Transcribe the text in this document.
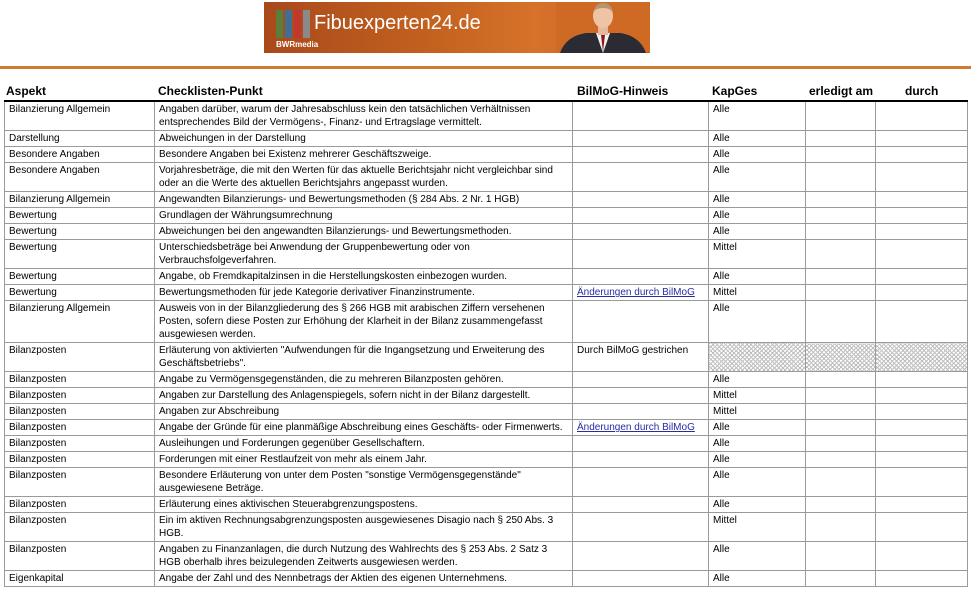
Fibuexperten24.de
BWRmedia
Aspekt	Checklisten-Punkt	BilMoG-Hinweis	KapGes	erledigt am	durch
Bilanzierung Allgemein	Angaben darüber, warum der Jahresabschluss kein den tatsächlichen Verhältnissen entsprechendes Bild der Vermögens-, Finanz- und Ertragslage vermittelt.		Alle		
Darstellung	Abweichungen in der Darstellung		Alle		
Besondere Angaben	Besondere Angaben bei Existenz mehrerer Geschäftszweige.		Alle		
Besondere Angaben	Vorjahresbeträge, die mit den Werten für das aktuelle Berichtsjahr nicht vergleichbar sind oder an die Werte des aktuellen Berichtsjahrs angepasst wurden.		Alle		
Bilanzierung Allgemein	Angewandten Bilanzierungs- und Bewertungsmethoden (§ 284 Abs. 2 Nr. 1 HGB)		Alle		
Bewertung	Grundlagen der Währungsumrechnung		Alle		
Bewertung	Abweichungen bei den angewandten Bilanzierungs- und Bewertungsmethoden.		Alle		
Bewertung	Unterschiedsbeträge bei Anwendung der Gruppenbewertung oder von Verbrauchsfolgeverfahren.		Mittel		
Bewertung	Angabe, ob Fremdkapitalzinsen in die Herstellungskosten einbezogen wurden.		Alle		
Bewertung	Bewertungsmethoden für jede Kategorie derivativer Finanzinstrumente.	Änderungen durch BilMoG	Mittel		
Bilanzierung Allgemein	Ausweis von in der Bilanzgliederung des § 266 HGB mit arabischen Ziffern versehenen Posten, sofern diese Posten zur Erhöhung der Klarheit in der Bilanz zusammengefasst ausgewiesen werden.		Alle		
Bilanzposten	Erläuterung von aktivierten "Aufwendungen für die Ingangsetzung und Erweiterung des Geschäftsbetriebs".	Durch BilMoG gestrichen			
Bilanzposten	Angabe zu Vermögensgegenständen, die zu mehreren Bilanzposten gehören.		Alle		
Bilanzposten	Angaben zur Darstellung des Anlagenspiegels, sofern nicht in der Bilanz dargestellt.		Mittel		
Bilanzposten	Angaben zur Abschreibung		Mittel		
Bilanzposten	Angabe der Gründe für eine planmäßige Abschreibung eines Geschäfts- oder Firmenwerts.	Änderungen durch BilMoG	Alle		
Bilanzposten	Ausleihungen und Forderungen gegenüber Gesellschaftern.		Alle		
Bilanzposten	Forderungen mit einer Restlaufzeit von mehr als einem Jahr.		Alle		
Bilanzposten	Besondere Erläuterung von unter dem Posten "sonstige Vermögensgegenstände" ausgewiesene Beträge.		Alle		
Bilanzposten	Erläuterung eines aktivischen Steuerabgrenzungspostens.		Alle		
Bilanzposten	Ein im aktiven Rechnungsabgrenzungsposten ausgewiesenes Disagio nach § 250 Abs. 3 HGB.		Mittel		
Bilanzposten	Angaben zu Finanzanlagen, die durch Nutzung des Wahlrechts des § 253 Abs. 2 Satz 3 HGB oberhalb ihres beizulegenden Zeitwerts ausgewiesen werden.		Alle		
Eigenkapital	Angabe der Zahl und des Nennbetrags der Aktien des eigenen Unternehmens.		Alle		
